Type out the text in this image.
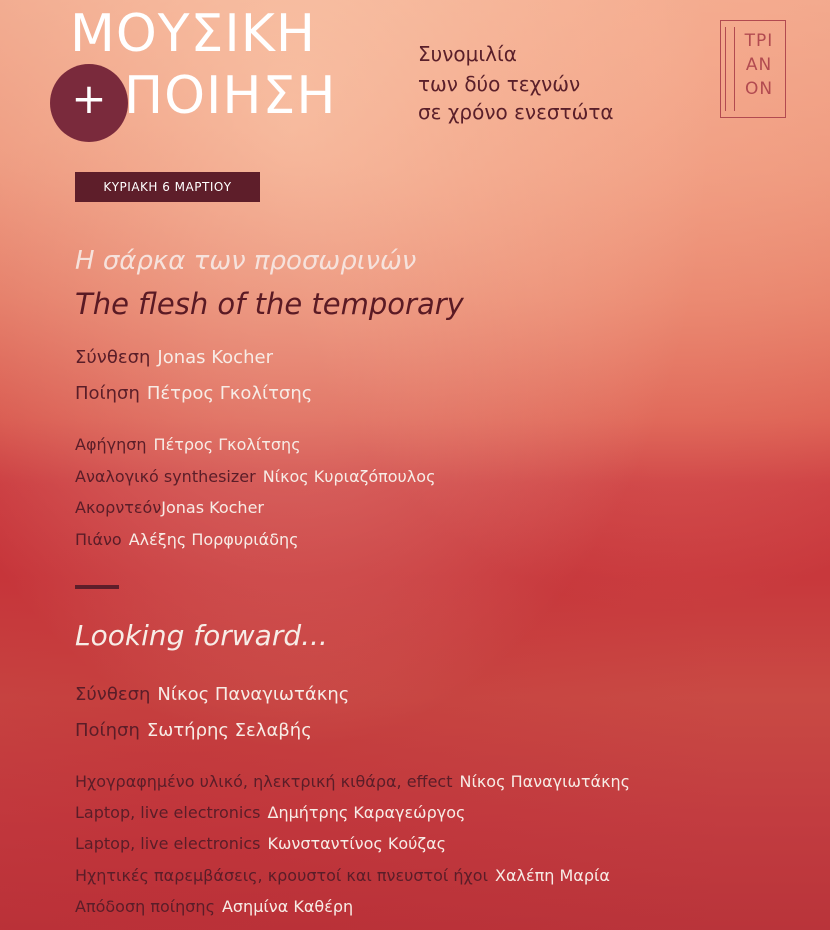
ΜΟΥΣΙΚΗ
+ ΠΟΙΗΣΗ
Συνομιλία
των δύο τεχνών
σε χρόνο ενεστώτα
ΤΡΙ
ΑΝ
ΟΝ
ΚΥΡΙΑΚΗ 6 ΜΑΡΤΙΟΥ
Η σάρκα των προσωρινών
The flesh of the temporary
Σύνθεση Jonas Kocher
Ποίηση Πέτρος Γκολίτσης
Αφήγηση Πέτρος Γκολίτσης
Αναλογικό synthesizer Νίκος Κυριαζόπουλος
ΑκορντεόνJonas Kocher
Πιάνο Αλέξης Πορφυριάδης
Looking forward...
Σύνθεση Νίκος Παναγιωτάκης
Ποίηση Σωτήρης Σελαβής
Ηχογραφημένο υλικό, ηλεκτρική κιθάρα, effect Νίκος Παναγιωτάκης
Laptop, live electronics Δημήτρης Καραγεώργος
Laptop, live electronics Κωνσταντίνος Κούζας
Ηχητικές παρεμβάσεις, κρουστοί και πνευστοί ήχοι Χαλέπη Μαρία
Απόδοση ποίησης Ασημίνα Καθέρη
